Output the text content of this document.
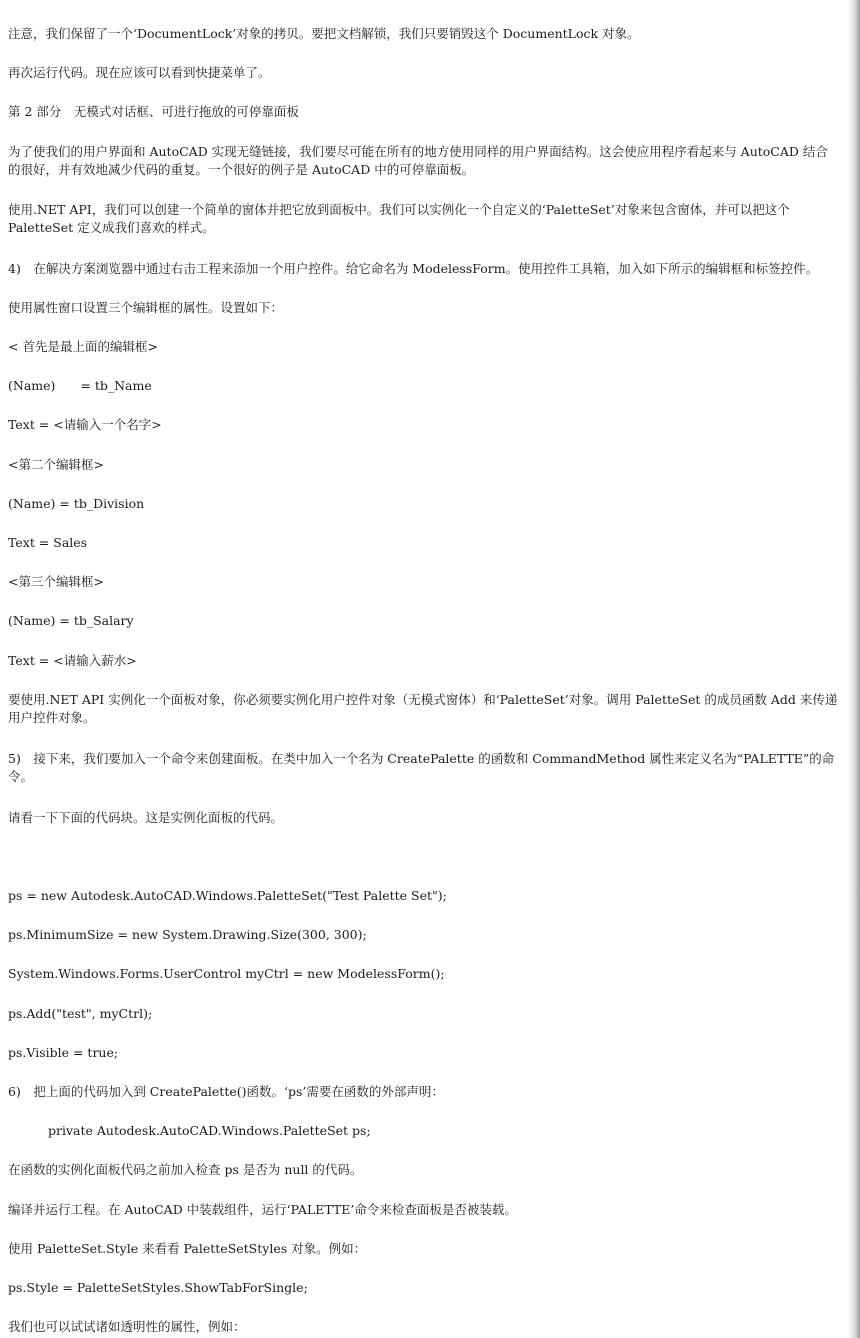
注意，我们保留了一个‘DocumentLock’对象的拷贝。要把文档解锁，我们只要销毁这个 DocumentLock 对象。
再次运行代码。现在应该可以看到快捷菜单了。
第 2 部分　无模式对话框、可进行拖放的可停靠面板
为了使我们的用户界面和 AutoCAD 实现无缝链接，我们要尽可能在所有的地方使用同样的用户界面结构。这会使应用程序看起来与 AutoCAD 结合的很好，并有效地减少代码的重复。一个很好的例子是 AutoCAD 中的可停靠面板。
使用.NET API，我们可以创建一个简单的窗体并把它放到面板中。我们可以实例化一个自定义的‘PaletteSet’对象来包含窗体，并可以把这个 PaletteSet 定义成我们喜欢的样式。
4)　在解决方案浏览器中通过右击工程来添加一个用户控件。给它命名为 ModelessForm。使用控件工具箱，加入如下所示的编辑框和标签控件。
使用属性窗口设置三个编辑框的属性。设置如下：
< 首先是最上面的编辑框>
(Name)　　= tb_Name
Text = <请输入一个名字>
<第二个编辑框>
(Name) = tb_Division
Text = Sales
<第三个编辑框>
(Name) = tb_Salary
Text = <请输入薪水>
要使用.NET API 实例化一个面板对象，你必须要实例化用户控件对象（无模式窗体）和‘PaletteSet’对象。调用 PaletteSet 的成员函数 Add 来传递用户控件对象。
5)　接下来，我们要加入一个命令来创建面板。在类中加入一个名为 CreatePalette 的函数和 CommandMethod 属性来定义名为“PALETTE”的命令。
请看一下下面的代码块。这是实例化面板的代码。
ps = new Autodesk.AutoCAD.Windows.PaletteSet("Test Palette Set");
ps.MinimumSize = new System.Drawing.Size(300, 300);
System.Windows.Forms.UserControl myCtrl = new ModelessForm();
ps.Add("test", myCtrl);
ps.Visible = true;
6)　把上面的代码加入到 CreatePalette()函数。‘ps’需要在函数的外部声明：
private Autodesk.AutoCAD.Windows.PaletteSet ps;
在函数的实例化面板代码之前加入检查 ps 是否为 null 的代码。
编译并运行工程。在 AutoCAD 中装载组件，运行‘PALETTE’命令来检查面板是否被装载。
使用 PaletteSet.Style 来看看 PaletteSetStyles 对象。例如：
ps.Style = PaletteSetStyles.ShowTabForSingle;
我们也可以试试诸如透明性的属性，例如：
